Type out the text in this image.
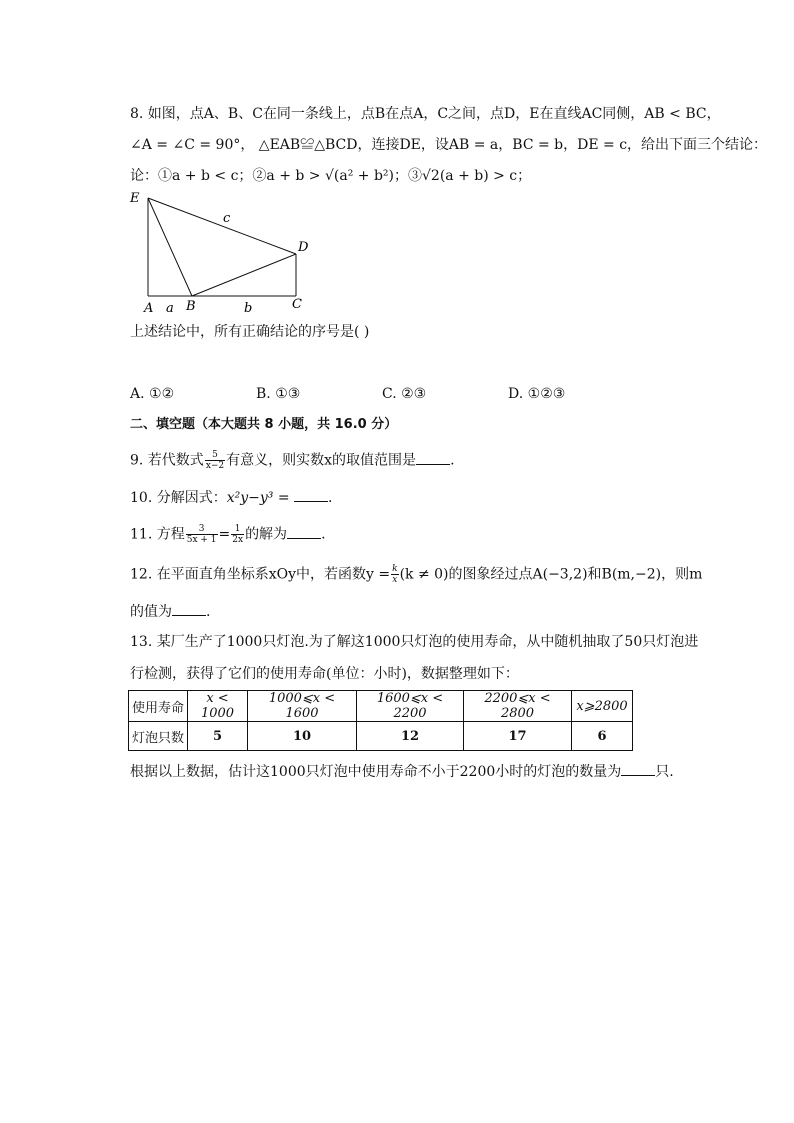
8. 如图，点A、B、C在同一条线上，点B在点A，C之间，点D，E在直线AC同侧，AB < BC，
∠A = ∠C = 90°， △EAB≌△BCD，连接DE，设AB = a，BC = b，DE = c，给出下面三个结论：
论：①a + b < c；②a + b > √(a² + b²)；③√2(a + b) > c；
E
D
A a B	b	C
c
上述结论中，所有正确结论的序号是( )
A. ①②	B. ①③	C. ②③	D. ①②③
二、填空题（本大题共 8 小题，共 16.0 分）
9. 若代数式 $\frac{5}{x-2}$ 有意义，则实数x的取值范围是 .
10. 分解因式：x²y−y³ =	.
11. 方程 $\frac{3}{5x + 1} = \frac{1}{2x}$ 的解为 .
12. 在平面直角坐标系xOy中，若函数$y = \frac{k}{x} (k \ne 0)$的图象经过点A(−3,2)和B(m,−2)，则m
的值为 .
13. 某厂生产了1000只灯泡.为了解这1000只灯泡的使用寿命，从中随机抽取了50只灯泡进
行检测，获得了它们的使用寿命(单位：小时)，数据整理如下：
使用寿命	x < 1000	1000⩽x < 1600	1600⩽x < 2200	2200⩽x < 2800	x⩾2800
灯泡只数	5	10	12	17	6
根据以上数据，估计这1000只灯泡中使用寿命不小于2200小时的灯泡的数量为 只.
